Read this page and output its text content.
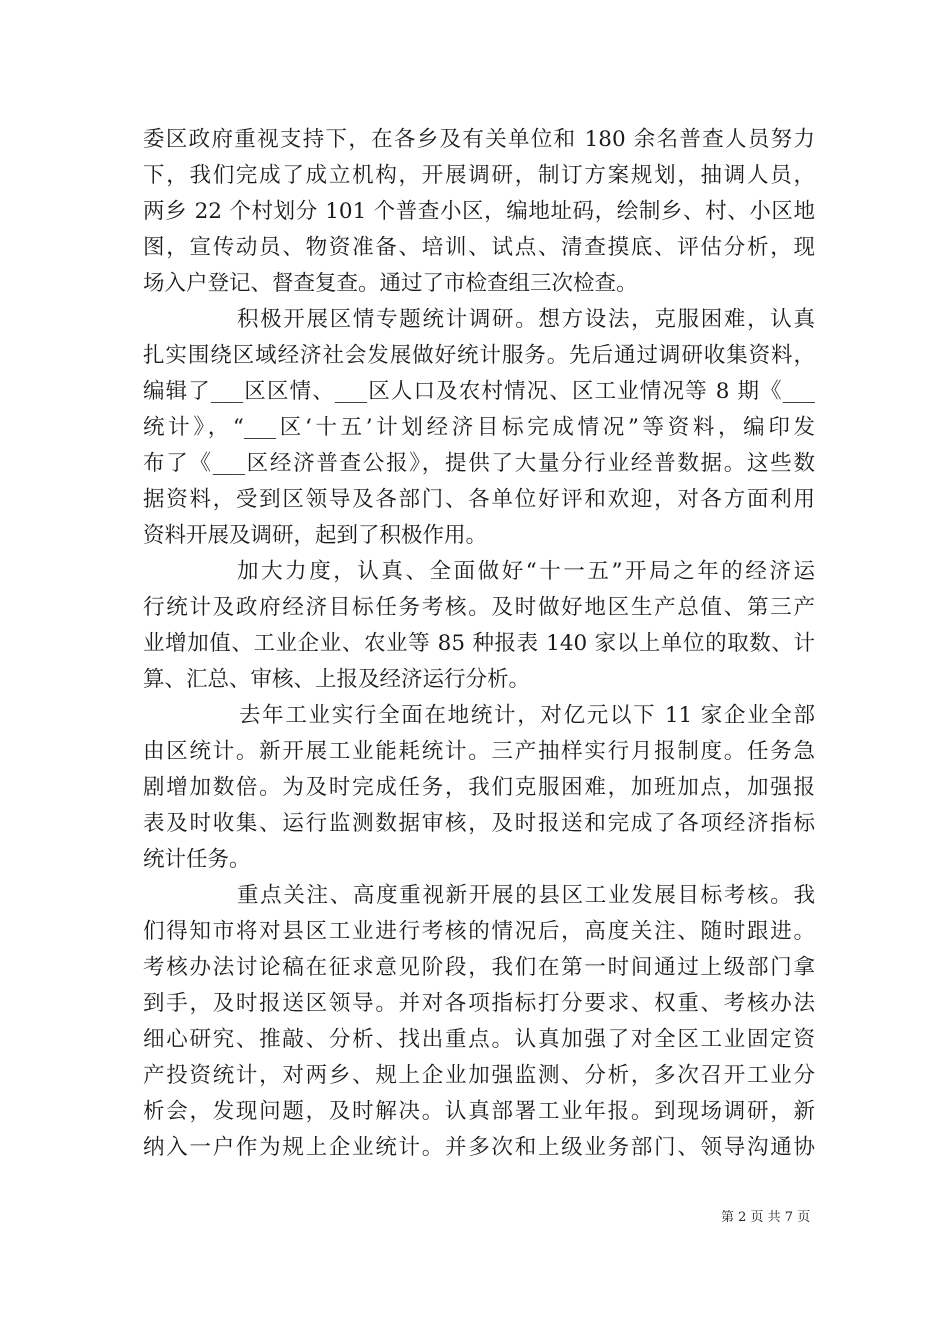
委区政府重视支持下，在各乡及有关单位和 180 余名普查人员努力
下，我们完成了成立机构，开展调研，制订方案规划，抽调人员，
两乡 22 个村划分 101 个普查小区，编地址码，绘制乡、村、小区地
图，宣传动员、物资准备、培训、试点、清查摸底、评估分析，现
场入户登记、督查复查。通过了市检查组三次检查。
积极开展区情专题统计调研。想方设法，克服困难，认真
扎实围绕区域经济社会发展做好统计服务。先后通过调研收集资料，
编辑了___区区情、___区人口及农村情况、区工业情况等 8 期《___
统计》，“___区‘十五’计划经济目标完成情况”等资料，编印发
布了《___区经济普查公报》，提供了大量分行业经普数据。这些数
据资料，受到区领导及各部门、各单位好评和欢迎，对各方面利用
资料开展及调研，起到了积极作用。
加大力度，认真、全面做好“十一五”开局之年的经济运
行统计及政府经济目标任务考核。及时做好地区生产总值、第三产
业增加值、工业企业、农业等 85 种报表 140 家以上单位的取数、计
算、汇总、审核、上报及经济运行分析。
去年工业实行全面在地统计，对亿元以下 11 家企业全部
由区统计。新开展工业能耗统计。三产抽样实行月报制度。任务急
剧增加数倍。为及时完成任务，我们克服困难，加班加点，加强报
表及时收集、运行监测数据审核，及时报送和完成了各项经济指标
统计任务。
重点关注、高度重视新开展的县区工业发展目标考核。我
们得知市将对县区工业进行考核的情况后，高度关注、随时跟进。
考核办法讨论稿在征求意见阶段，我们在第一时间通过上级部门拿
到手，及时报送区领导。并对各项指标打分要求、权重、考核办法
细心研究、推敲、分析、找出重点。认真加强了对全区工业固定资
产投资统计，对两乡、规上企业加强监测、分析，多次召开工业分
析会，发现问题，及时解决。认真部署工业年报。到现场调研，新
纳入一户作为规上企业统计。并多次和上级业务部门、领导沟通协
第 2 页 共 7 页
